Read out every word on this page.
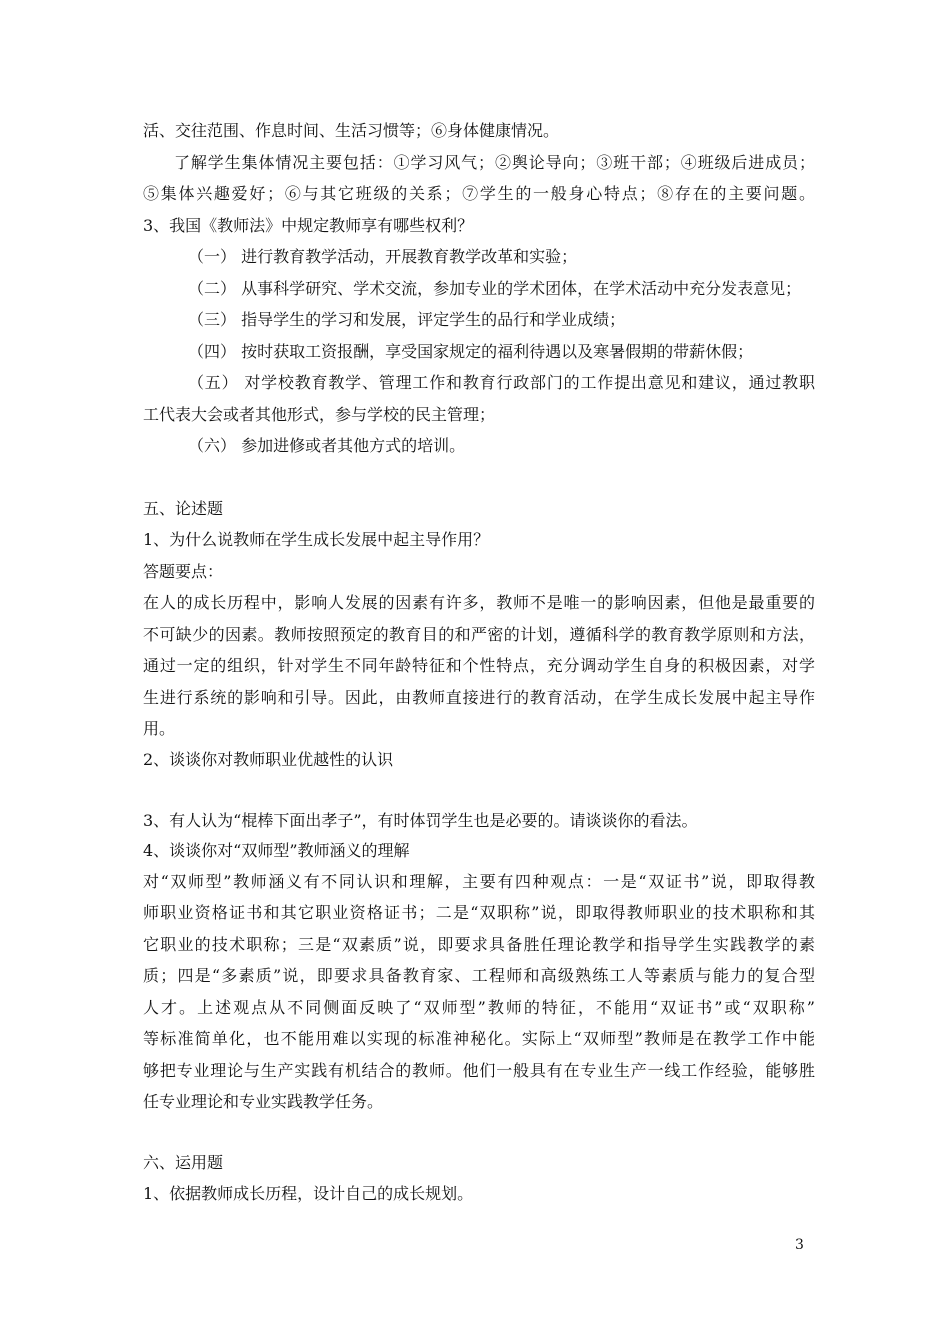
活、交往范围、作息时间、生活习惯等；⑥身体健康情况。
了解学生集体情况主要包括：①学习风气；②舆论导向；③班干部；④班级后进成员；
⑤集体兴趣爱好；⑥与其它班级的关系；⑦学生的一般身心特点；⑧存在的主要问题。
3、我国《教师法》中规定教师享有哪些权利？
（一） 进行教育教学活动，开展教育教学改革和实验；
（二） 从事科学研究、学术交流，参加专业的学术团体，在学术活动中充分发表意见；
（三） 指导学生的学习和发展，评定学生的品行和学业成绩；
（四） 按时获取工资报酬，享受国家规定的福利待遇以及寒暑假期的带薪休假；
（五） 对学校教育教学、管理工作和教育行政部门的工作提出意见和建议，通过教职
工代表大会或者其他形式，参与学校的民主管理；
（六） 参加进修或者其他方式的培训。
五、论述题
1、为什么说教师在学生成长发展中起主导作用？
答题要点：
在人的成长历程中，影响人发展的因素有许多，教师不是唯一的影响因素，但他是最重要的
不可缺少的因素。教师按照预定的教育目的和严密的计划，遵循科学的教育教学原则和方法，
通过一定的组织，针对学生不同年龄特征和个性特点，充分调动学生自身的积极因素，对学
生进行系统的影响和引导。因此，由教师直接进行的教育活动，在学生成长发展中起主导作
用。
2、谈谈你对教师职业优越性的认识
3、有人认为“棍棒下面出孝子”，有时体罚学生也是必要的。请谈谈你的看法。
4、谈谈你对“双师型”教师涵义的理解
对“双师型”教师涵义有不同认识和理解，主要有四种观点：一是“双证书”说，即取得教
师职业资格证书和其它职业资格证书；二是“双职称”说，即取得教师职业的技术职称和其
它职业的技术职称；三是“双素质”说，即要求具备胜任理论教学和指导学生实践教学的素
质；四是“多素质”说，即要求具备教育家、工程师和高级熟练工人等素质与能力的复合型
人才。上述观点从不同侧面反映了“双师型”教师的特征，不能用“双证书”或“双职称”
等标准简单化，也不能用难以实现的标准神秘化。实际上“双师型”教师是在教学工作中能
够把专业理论与生产实践有机结合的教师。他们一般具有在专业生产一线工作经验，能够胜
任专业理论和专业实践教学任务。
六、运用题
1、依据教师成长历程，设计自己的成长规划。
3
